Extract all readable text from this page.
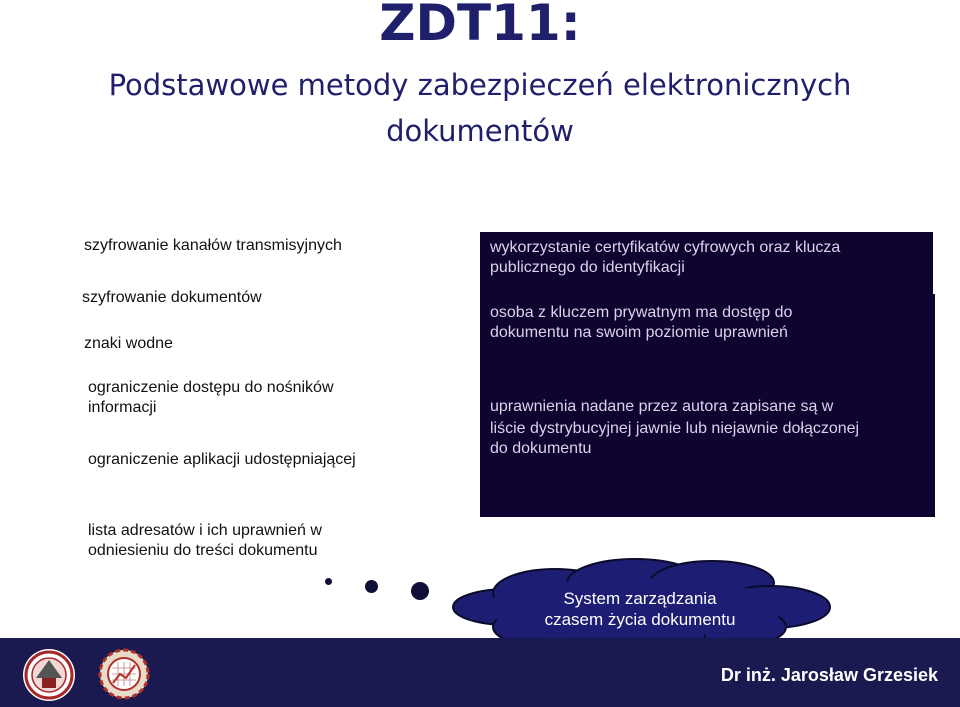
ZDT11:
Podstawowe metody zabezpieczeń elektronicznych
dokumentów
szyfrowanie kanałów transmisyjnych
szyfrowanie dokumentów
znaki wodne
ograniczenie dostępu do nośników
informacji
ograniczenie aplikacji udostępniającej
lista adresatów i ich uprawnień w
odniesieniu do treści dokumentu
wykorzystanie certyfikatów cyfrowych oraz klucza
publicznego do identyfikacji
osoba z kluczem prywatnym ma dostęp do
dokumentu na swoim poziomie uprawnień
uprawnienia nadane przez autora zapisane są w
liście dystrybucyjnej jawnie lub niejawnie dołączonej
do dokumentu
System zarządzania
czasem życia dokumentu
Dr inż. Jarosław Grzesiek
